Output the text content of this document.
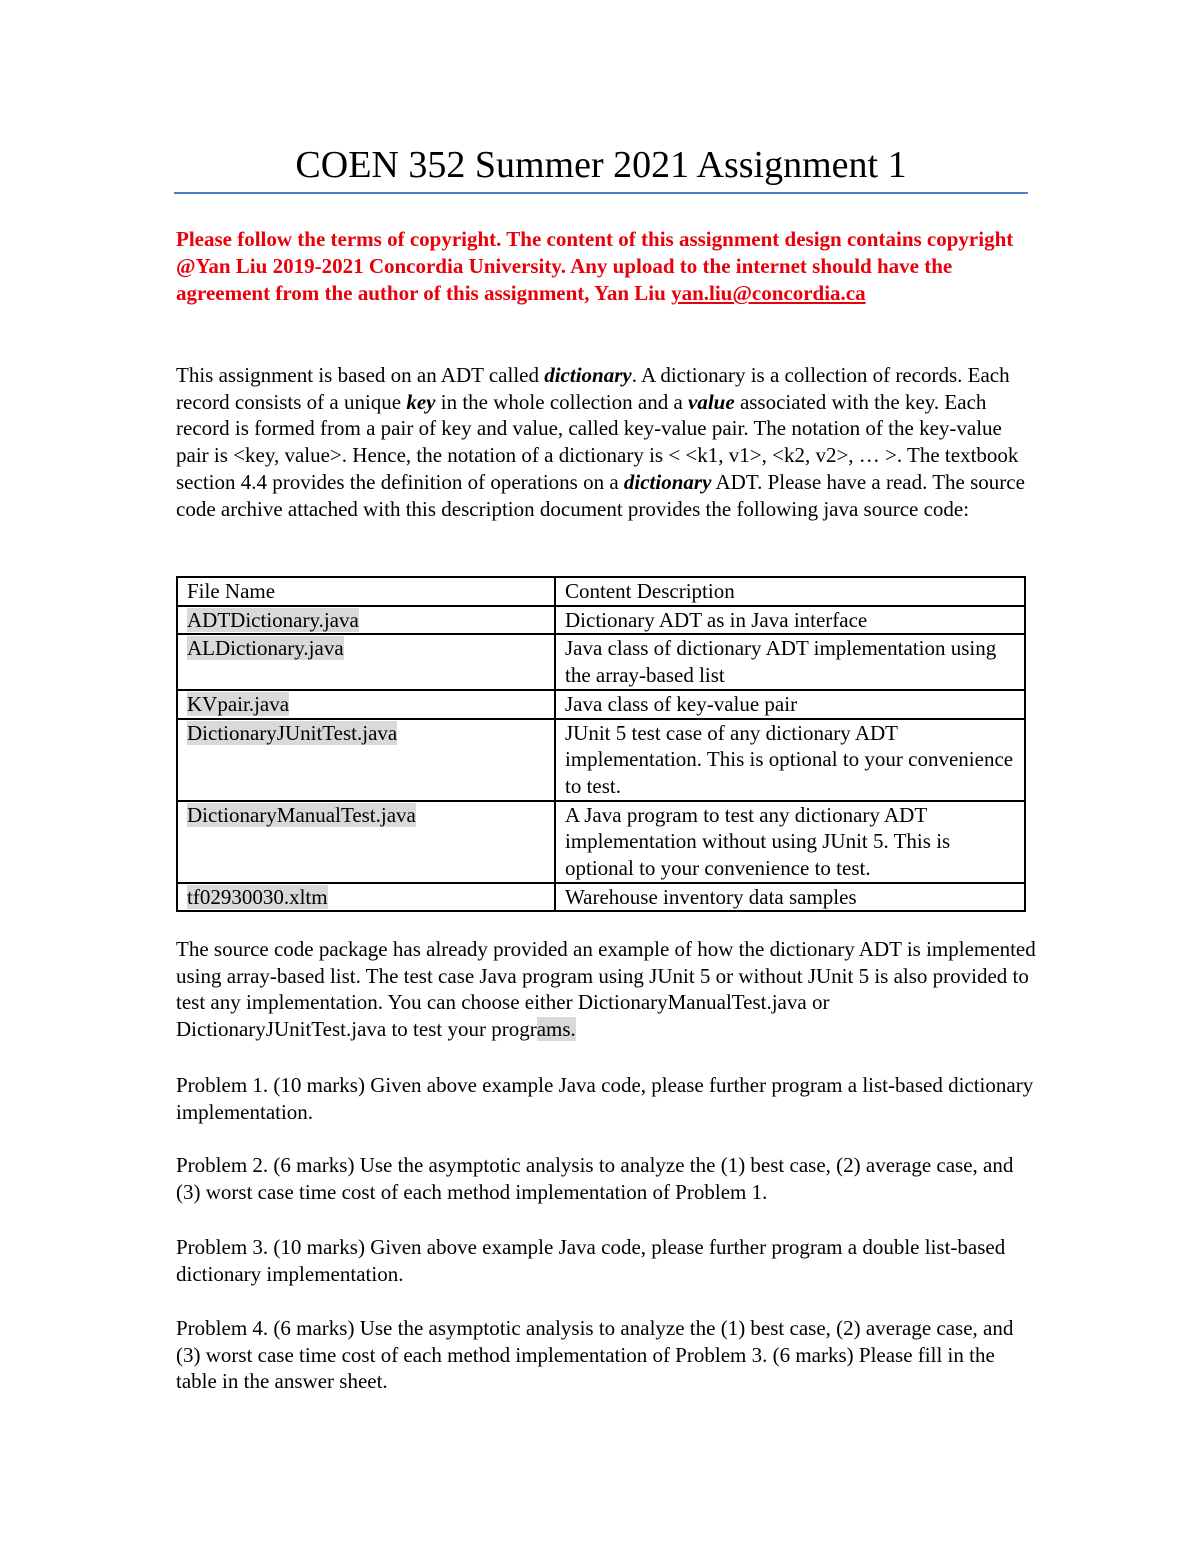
COEN 352 Summer 2021 Assignment 1

Please follow the terms of copyright. The content of this assignment design contains copyright @Yan Liu 2019-2021 Concordia University. Any upload to the internet should have the agreement from the author of this assignment, Yan Liu yan.liu@concordia.ca

This assignment is based on an ADT called dictionary. A dictionary is a collection of records. Each record consists of a unique key in the whole collection and a value associated with the key. Each record is formed from a pair of key and value, called key-value pair. The notation of the key-value pair is <key, value>. Hence, the notation of a dictionary is < <k1, v1>, <k2, v2>, … >. The textbook section 4.4 provides the definition of operations on a dictionary ADT. Please have a read. The source code archive attached with this description document provides the following java source code:

File Name	Content Description
ADTDictionary.java	Dictionary ADT as in Java interface
ALDictionary.java	Java class of dictionary ADT implementation using the array-based list
KVpair.java	Java class of key-value pair
DictionaryJUnitTest.java	JUnit 5 test case of any dictionary ADT implementation. This is optional to your convenience to test.
DictionaryManualTest.java	A Java program to test any dictionary ADT implementation without using JUnit 5. This is optional to your convenience to test.
tf02930030.xltm	Warehouse inventory data samples

The source code package has already provided an example of how the dictionary ADT is implemented using array-based list. The test case Java program using JUnit 5 or without JUnit 5 is also provided to test any implementation. You can choose either DictionaryManualTest.java or DictionaryJUnitTest.java to test your programs.

Problem 1. (10 marks) Given above example Java code, please further program a list-based dictionary implementation.

Problem 2. (6 marks) Use the asymptotic analysis to analyze the (1) best case, (2) average case, and (3) worst case time cost of each method implementation of Problem 1.

Problem 3. (10 marks) Given above example Java code, please further program a double list-based dictionary implementation.

Problem 4. (6 marks) Use the asymptotic analysis to analyze the (1) best case, (2) average case, and (3) worst case time cost of each method implementation of Problem 3. (6 marks) Please fill in the table in the answer sheet.
